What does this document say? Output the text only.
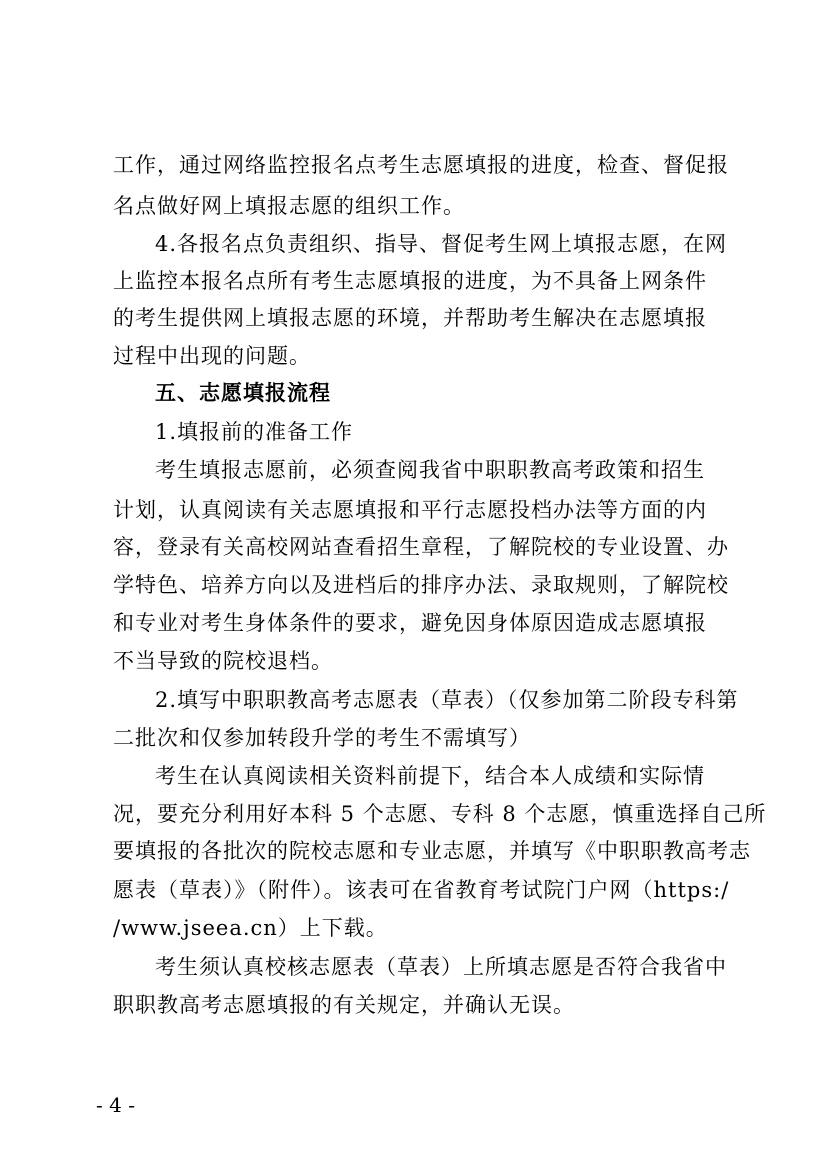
工作，通过网络监控报名点考生志愿填报的进度，检查、督促报
名点做好网上填报志愿的组织工作。
4.各报名点负责组织、指导、督促考生网上填报志愿，在网
上监控本报名点所有考生志愿填报的进度，为不具备上网条件
的考生提供网上填报志愿的环境，并帮助考生解决在志愿填报
过程中出现的问题。
五、志愿填报流程
1.填报前的准备工作
考生填报志愿前，必须查阅我省中职职教高考政策和招生
计划，认真阅读有关志愿填报和平行志愿投档办法等方面的内
容，登录有关高校网站查看招生章程，了解院校的专业设置、办
学特色、培养方向以及进档后的排序办法、录取规则，了解院校
和专业对考生身体条件的要求，避免因身体原因造成志愿填报
不当导致的院校退档。
2.填写中职职教高考志愿表（草表）（仅参加第二阶段专科第
二批次和仅参加转段升学的考生不需填写）
考生在认真阅读相关资料前提下，结合本人成绩和实际情
况，要充分利用好本科 5 个志愿、专科 8 个志愿，慎重选择自己所
要填报的各批次的院校志愿和专业志愿，并填写《中职职教高考志
愿表（草表）》（附件）。该表可在省教育考试院门户网（https:/
/www.jseea.cn）上下载。
考生须认真校核志愿表（草表）上所填志愿是否符合我省中
职职教高考志愿填报的有关规定，并确认无误。
- 4 -
